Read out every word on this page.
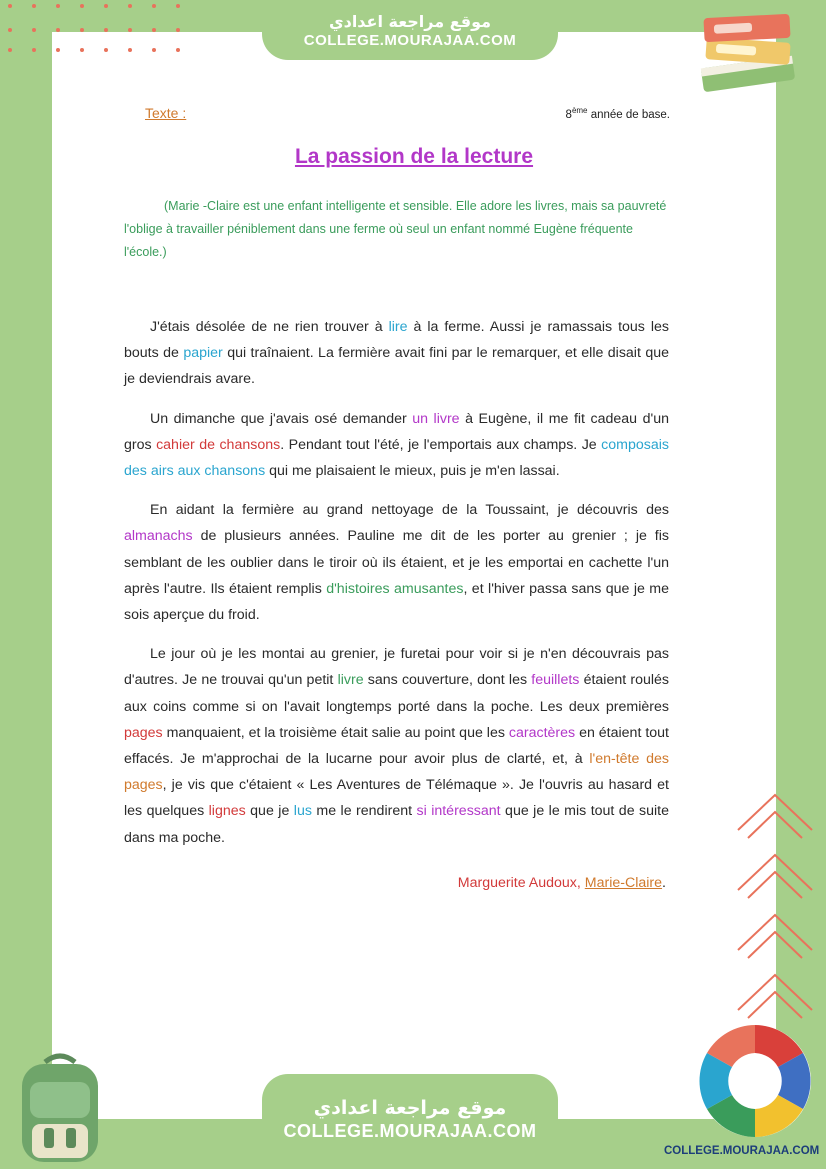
موقع مراجعة اعدادي
COLLEGE.MOURAJAA.COM
Texte :	8ème année de base.
La passion de la lecture
(Marie -Claire est une enfant intelligente et sensible. Elle adore les livres, mais sa pauvreté l'oblige à travailler péniblement dans une ferme où seul un enfant nommé Eugène fréquente l'école.)

J'étais désolée de ne rien trouver à lire à la ferme. Aussi je ramassais tous les bouts de papier qui traînaient. La fermière avait fini par le remarquer, et elle disait que je deviendrais avare.

Un dimanche que j'avais osé demander un livre à Eugène, il me fit cadeau d'un gros cahier de chansons. Pendant tout l'été, je l'emportais aux champs. Je composais des airs aux chansons qui me plaisaient le mieux, puis je m'en lassai.

En aidant la fermière au grand nettoyage de la Toussaint, je découvris des almanachs de plusieurs années. Pauline me dit de les porter au grenier ; je fis semblant de les oublier dans le tiroir où ils étaient, et je les emportai en cachette l'un après l'autre. Ils étaient remplis d'histoires amusantes, et l'hiver passa sans que je me sois aperçue du froid.

Le jour où je les montai au grenier, je furetai pour voir si je n'en découvrais pas d'autres. Je ne trouvai qu'un petit livre sans couverture, dont les feuillets étaient roulés aux coins comme si on l'avait longtemps porté dans la poche. Les deux premières pages manquaient, et la troisième était salie au point que les caractères en étaient tout effacés. Je m'approchai de la lucarne pour avoir plus de clarté, et, à l'en-tête des pages, je vis que c'étaient « Les Aventures de Télémaque ». Je l'ouvris au hasard et les quelques lignes que je lus me le rendirent si intéressant que je le mis tout de suite dans ma poche.

Marguerite Audoux, Marie-Claire.
موقع مراجعة اعدادي
COLLEGE.MOURAJAA.COM
COLLEGE.MOURAJAA.COM
